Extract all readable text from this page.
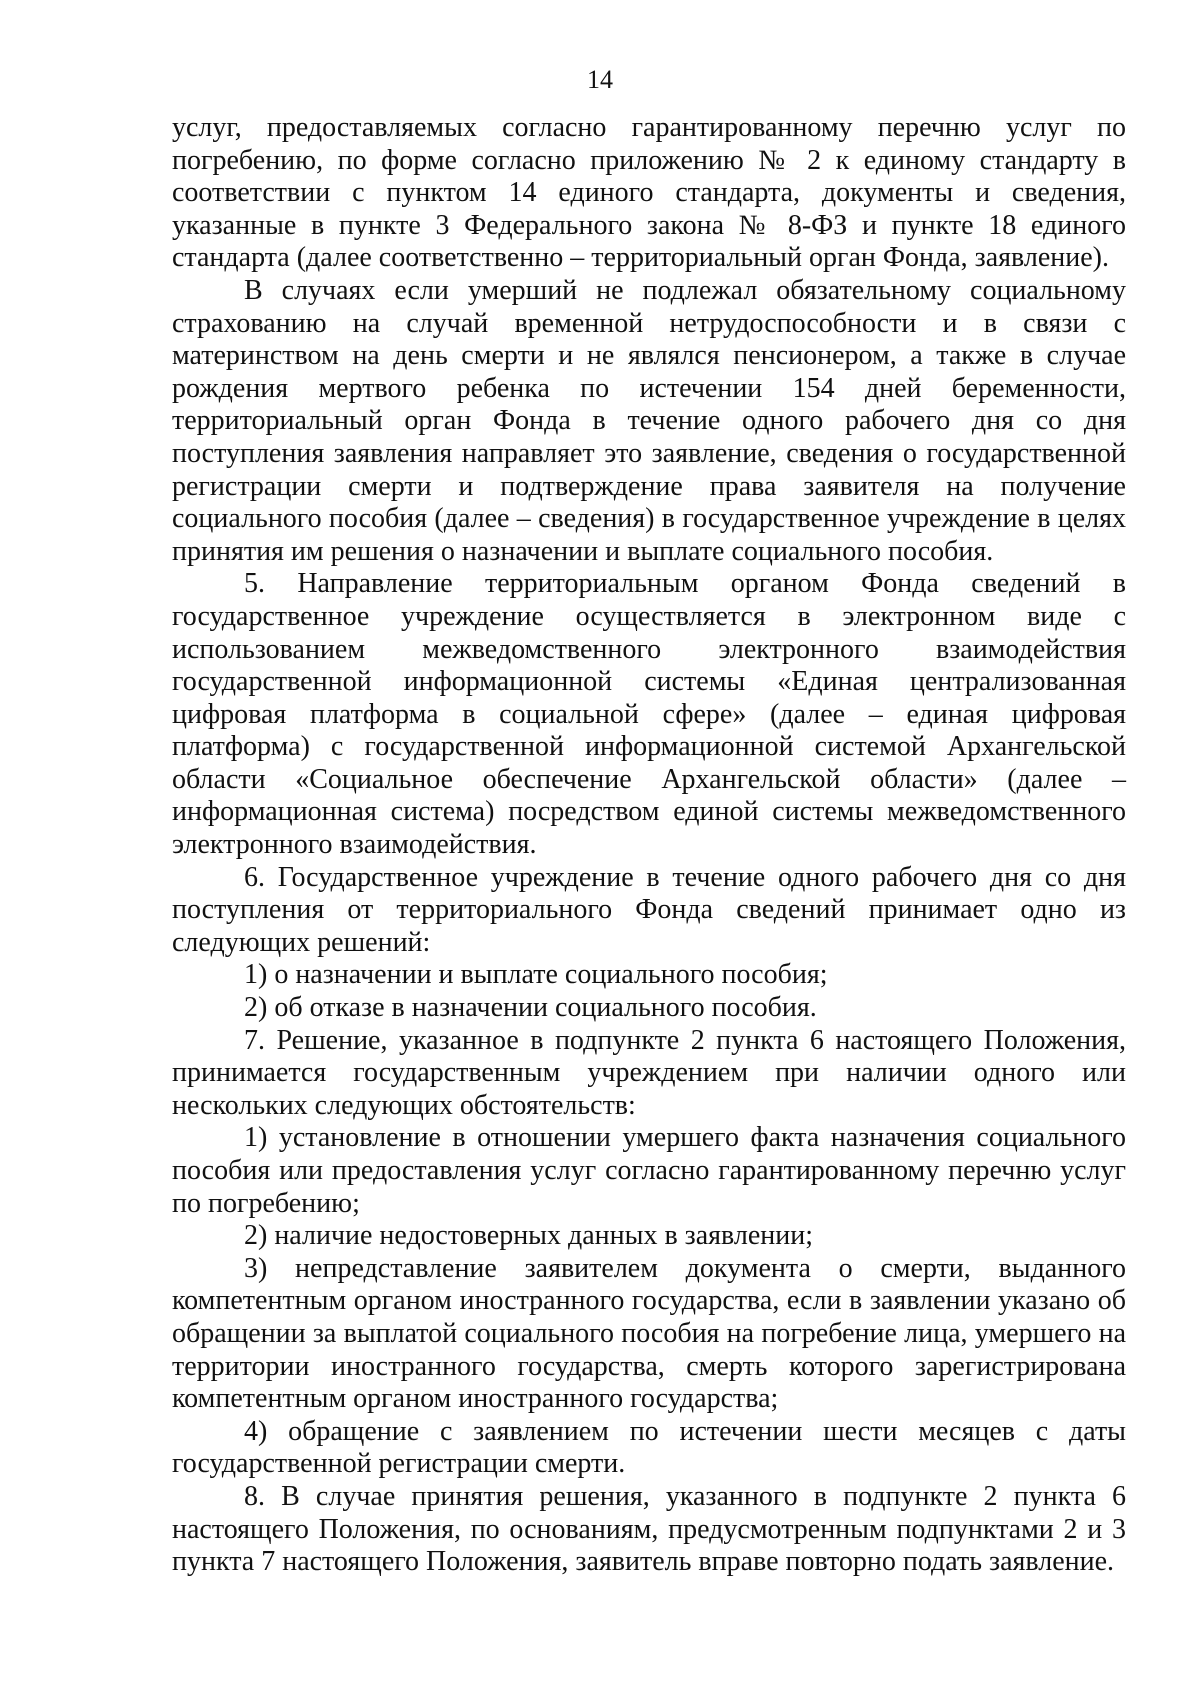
14

услуг, предоставляемых согласно гарантированному перечню услуг по погребению, по форме согласно приложению № 2 к единому стандарту в соответствии с пунктом 14 единого стандарта, документы и сведения, указанные в пункте 3 Федерального закона № 8-ФЗ и пункте 18 единого стандарта (далее соответственно – территориальный орган Фонда, заявление).

В случаях если умерший не подлежал обязательному социальному страхованию на случай временной нетрудоспособности и в связи с материнством на день смерти и не являлся пенсионером, а также в случае рождения мертвого ребенка по истечении 154 дней беременности, территориальный орган Фонда в течение одного рабочего дня со дня поступления заявления направляет это заявление, сведения о государственной регистрации смерти и подтверждение права заявителя на получение социального пособия (далее – сведения) в государственное учреждение в целях принятия им решения о назначении и выплате социального пособия.

5. Направление территориальным органом Фонда сведений в государственное учреждение осуществляется в электронном виде с использованием межведомственного электронного взаимодействия государственной информационной системы «Единая централизованная цифровая платформа в социальной сфере» (далее – единая цифровая платформа) с государственной информационной системой Архангельской области «Социальное обеспечение Архангельской области» (далее – информационная система) посредством единой системы межведомственного электронного взаимодействия.

6. Государственное учреждение в течение одного рабочего дня со дня поступления от территориального Фонда сведений принимает одно из следующих решений:

1) о назначении и выплате социального пособия;

2) об отказе в назначении социального пособия.

7. Решение, указанное в подпункте 2 пункта 6 настоящего Положения, принимается государственным учреждением при наличии одного или нескольких следующих обстоятельств:

1) установление в отношении умершего факта назначения социального пособия или предоставления услуг согласно гарантированному перечню услуг по погребению;

2) наличие недостоверных данных в заявлении;

3) непредставление заявителем документа о смерти, выданного компетентным органом иностранного государства, если в заявлении указано об обращении за выплатой социального пособия на погребение лица, умершего на территории иностранного государства, смерть которого зарегистрирована компетентным органом иностранного государства;

4) обращение с заявлением по истечении шести месяцев с даты государственной регистрации смерти.

8. В случае принятия решения, указанного в подпункте 2 пункта 6 настоящего Положения, по основаниям, предусмотренным подпунктами 2 и 3 пункта 7 настоящего Положения, заявитель вправе повторно подать заявление.
